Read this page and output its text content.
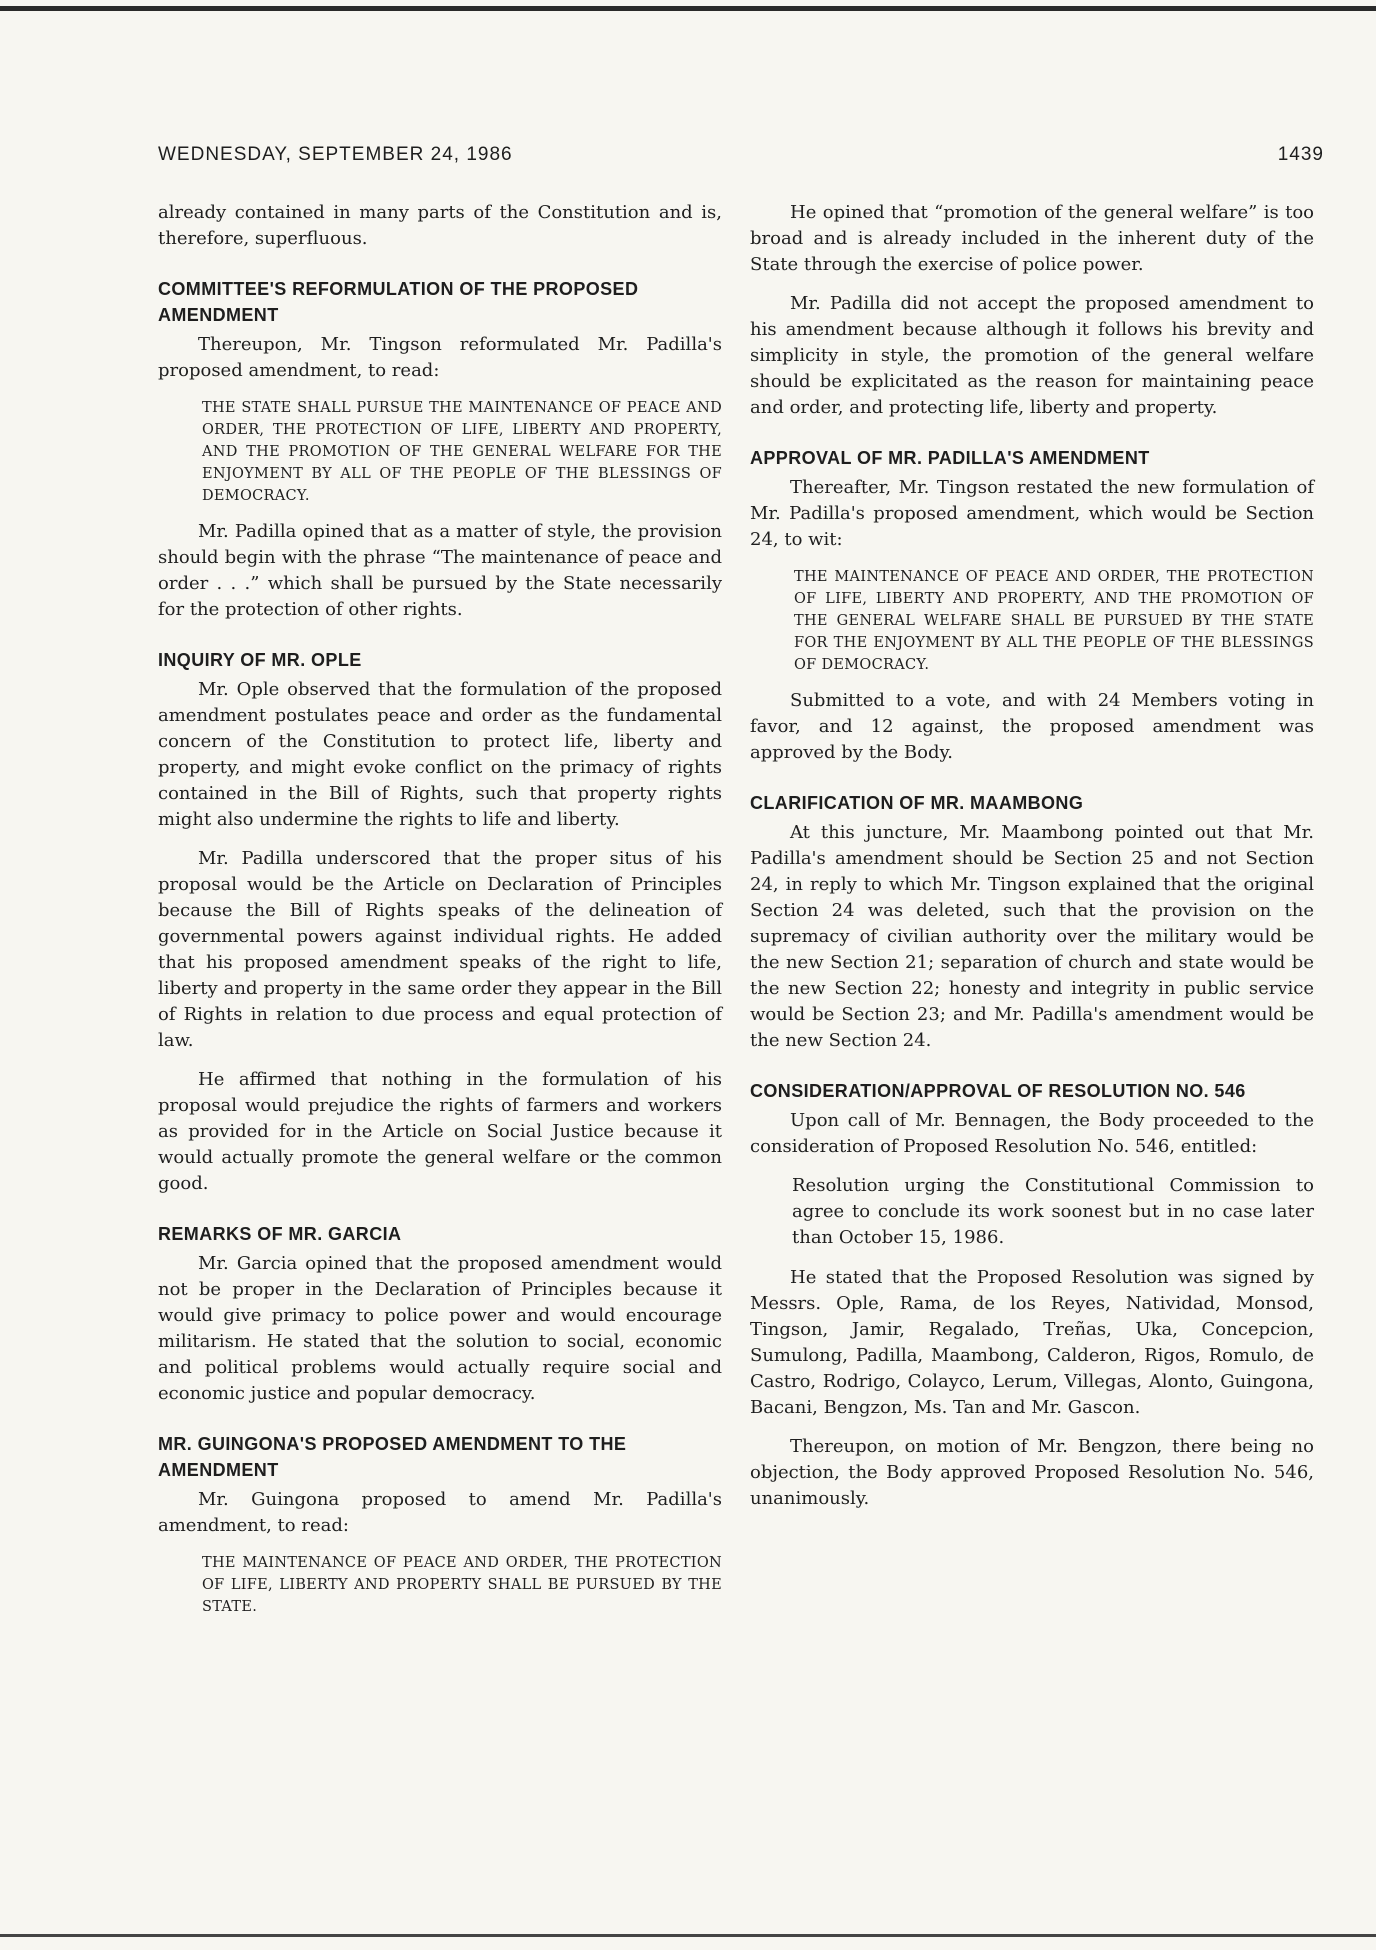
WEDNESDAY, SEPTEMBER 24, 1986	1439

already contained in many parts of the Constitution and is, therefore, superfluous.

COMMITTEE'S REFORMULATION OF THE PROPOSED AMENDMENT

Thereupon, Mr. Tingson reformulated Mr. Padilla's proposed amendment, to read:

THE STATE SHALL PURSUE THE MAINTENANCE OF PEACE AND ORDER, THE PROTECTION OF LIFE, LIBERTY AND PROPERTY, AND THE PROMOTION OF THE GENERAL WELFARE FOR THE ENJOYMENT BY ALL OF THE PEOPLE OF THE BLESSINGS OF DEMOCRACY.

Mr. Padilla opined that as a matter of style, the provision should begin with the phrase “The maintenance of peace and order . . .” which shall be pursued by the State necessarily for the protection of other rights.

INQUIRY OF MR. OPLE

Mr. Ople observed that the formulation of the proposed amendment postulates peace and order as the fundamental concern of the Constitution to protect life, liberty and property, and might evoke conflict on the primacy of rights contained in the Bill of Rights, such that property rights might also undermine the rights to life and liberty.

Mr. Padilla underscored that the proper situs of his proposal would be the Article on Declaration of Principles because the Bill of Rights speaks of the delineation of governmental powers against individual rights. He added that his proposed amendment speaks of the right to life, liberty and property in the same order they appear in the Bill of Rights in relation to due process and equal protection of law.

He affirmed that nothing in the formulation of his proposal would prejudice the rights of farmers and workers as provided for in the Article on Social Justice because it would actually promote the general welfare or the common good.

REMARKS OF MR. GARCIA

Mr. Garcia opined that the proposed amendment would not be proper in the Declaration of Principles because it would give primacy to police power and would encourage militarism. He stated that the solution to social, economic and political problems would actually require social and economic justice and popular democracy.

MR. GUINGONA'S PROPOSED AMENDMENT TO THE AMENDMENT

Mr. Guingona proposed to amend Mr. Padilla's amendment, to read:

THE MAINTENANCE OF PEACE AND ORDER, THE PROTECTION OF LIFE, LIBERTY AND PROPERTY SHALL BE PURSUED BY THE STATE.

He opined that “promotion of the general welfare” is too broad and is already included in the inherent duty of the State through the exercise of police power.

Mr. Padilla did not accept the proposed amendment to his amendment because although it follows his brevity and simplicity in style, the promotion of the general welfare should be explicitated as the reason for maintaining peace and order, and protecting life, liberty and property.

APPROVAL OF MR. PADILLA'S AMENDMENT

Thereafter, Mr. Tingson restated the new formulation of Mr. Padilla's proposed amendment, which would be Section 24, to wit:

THE MAINTENANCE OF PEACE AND ORDER, THE PROTECTION OF LIFE, LIBERTY AND PROPERTY, AND THE PROMOTION OF THE GENERAL WELFARE SHALL BE PURSUED BY THE STATE FOR THE ENJOYMENT BY ALL THE PEOPLE OF THE BLESSINGS OF DEMOCRACY.

Submitted to a vote, and with 24 Members voting in favor, and 12 against, the proposed amendment was approved by the Body.

CLARIFICATION OF MR. MAAMBONG

At this juncture, Mr. Maambong pointed out that Mr. Padilla's amendment should be Section 25 and not Section 24, in reply to which Mr. Tingson explained that the original Section 24 was deleted, such that the provision on the supremacy of civilian authority over the military would be the new Section 21; separation of church and state would be the new Section 22; honesty and integrity in public service would be Section 23; and Mr. Padilla's amendment would be the new Section 24.

CONSIDERATION/APPROVAL OF RESOLUTION NO. 546

Upon call of Mr. Bennagen, the Body proceeded to the consideration of Proposed Resolution No. 546, entitled:

Resolution urging the Constitutional Commission to agree to conclude its work soonest but in no case later than October 15, 1986.

He stated that the Proposed Resolution was signed by Messrs. Ople, Rama, de los Reyes, Natividad, Monsod, Tingson, Jamir, Regalado, Treñas, Uka, Concepcion, Sumulong, Padilla, Maambong, Calderon, Rigos, Romulo, de Castro, Rodrigo, Colayco, Lerum, Villegas, Alonto, Guingona, Bacani, Bengzon, Ms. Tan and Mr. Gascon.

Thereupon, on motion of Mr. Bengzon, there being no objection, the Body approved Proposed Resolution No. 546, unanimously.
